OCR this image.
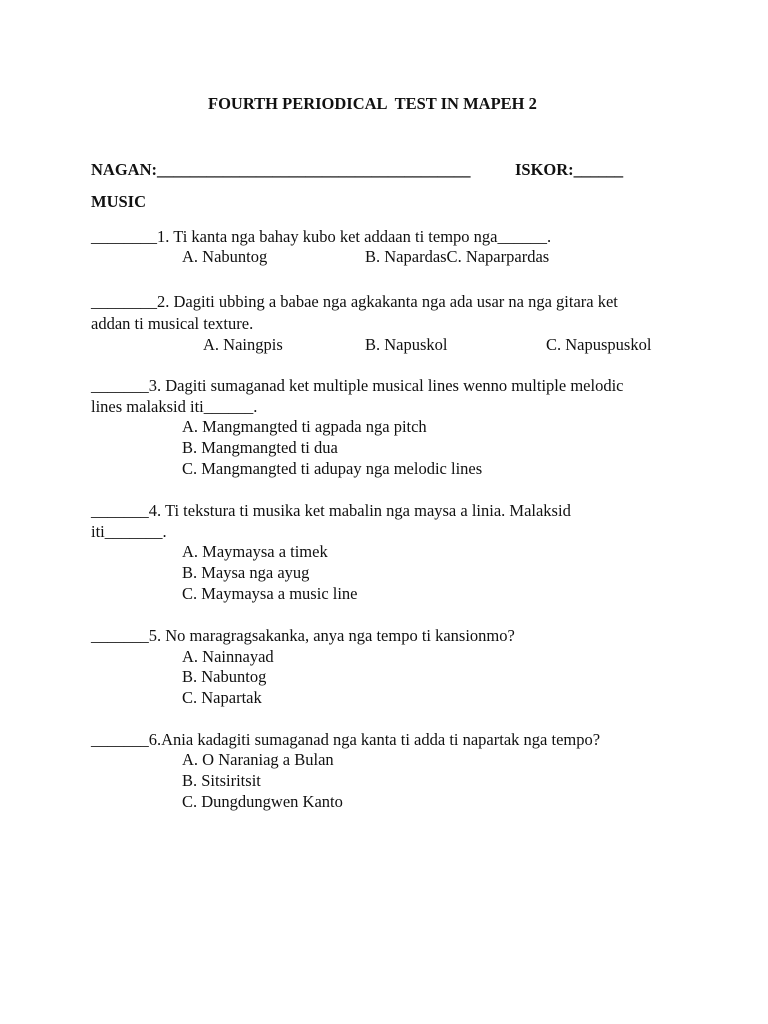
FOURTH PERIODICAL  TEST IN MAPEH 2
NAGAN:______________________________________	ISKOR:______
MUSIC
________1. Ti kanta nga bahay kubo ket addaan ti tempo nga______.
A. Nabuntog	B. NapardasC. Naparpardas
________2. Dagiti ubbing a babae nga agkakanta nga ada usar na nga gitara ket
addan ti musical texture.
A. Naingpis	B. Napuskol	C. Napuspuskol
_______3. Dagiti sumaganad ket multiple musical lines wenno multiple melodic
lines malaksid iti______.
A. Mangmangted ti agpada nga pitch
B. Mangmangted ti dua
C. Mangmangted ti adupay nga melodic lines
_______4. Ti tekstura ti musika ket mabalin nga maysa a linia. Malaksid
iti_______.
A. Maymaysa a timek
B. Maysa nga ayug
C. Maymaysa a music line
_______5. No maragragsakanka, anya nga tempo ti kansionmo?
A. Nainnayad
B. Nabuntog
C. Napartak
_______6.Ania kadagiti sumaganad nga kanta ti adda ti napartak nga tempo?
A. O Naraniag a Bulan
B. Sitsiritsit
C. Dungdungwen Kanto
